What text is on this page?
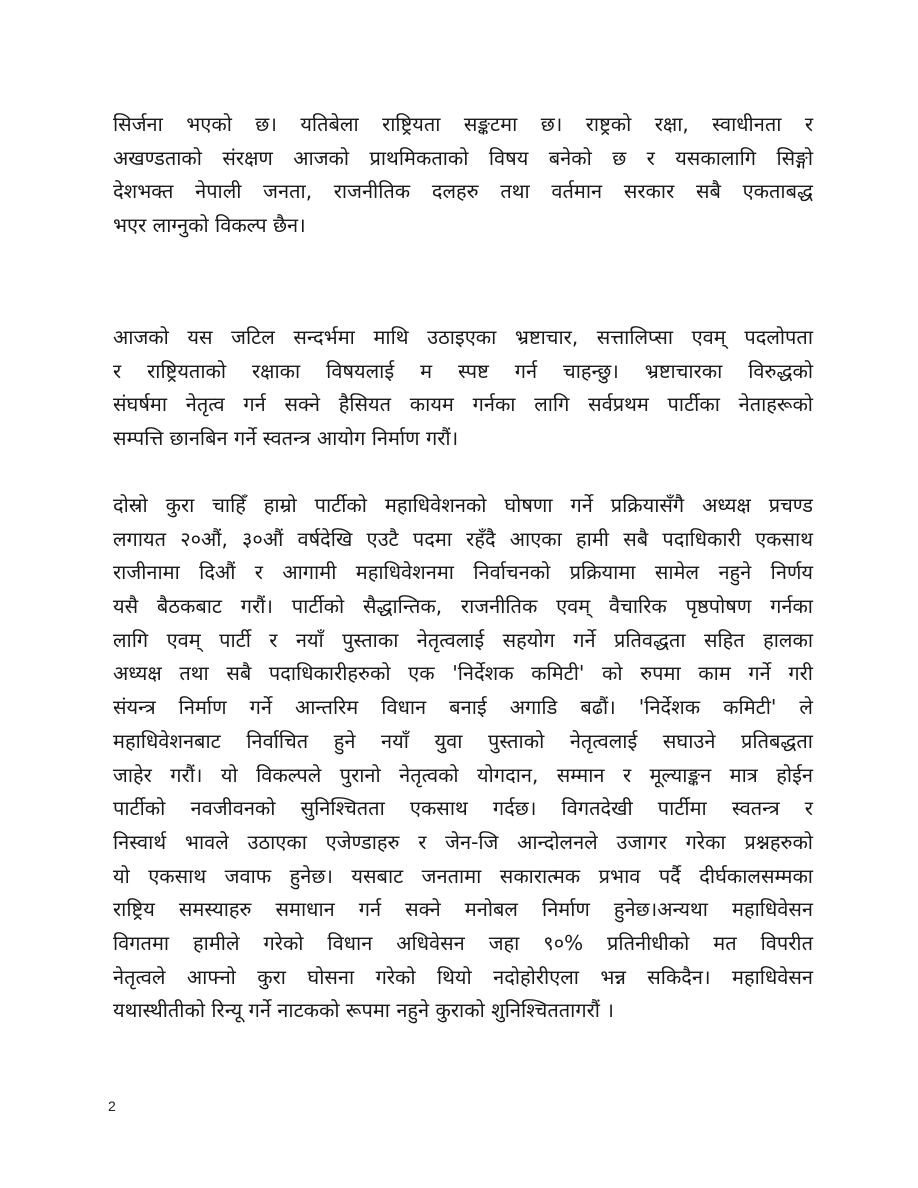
सिर्जना भएको छ। यतिबेला राष्ट्रियता सङ्कटमा छ। राष्ट्रको रक्षा, स्वाधीनता र
अखण्डताको संरक्षण आजको प्राथमिकताको विषय बनेको छ र यसकालागि सिङ्गो
देशभक्त नेपाली जनता, राजनीतिक दलहरु तथा वर्तमान सरकार सबै एकताबद्ध
भएर लाग्नुको विकल्प छैन।
आजको यस जटिल सन्दर्भमा माथि उठाइएका भ्रष्टाचार, सत्तालिप्सा एवम् पदलोपता
र राष्ट्रियताको रक्षाका विषयलाई म स्पष्ट गर्न चाहन्छु। भ्रष्टाचारका विरुद्धको
संघर्षमा नेतृत्व गर्न सक्ने हैसियत कायम गर्नका लागि सर्वप्रथम पार्टीका नेताहरूको
सम्पत्ति छानबिन गर्ने स्वतन्त्र आयोग निर्माण गरौं।
दोस्रो कुरा चाहिँ हाम्रो पार्टीको महाधिवेशनको घोषणा गर्ने प्रक्रियासँगै अध्यक्ष प्रचण्ड
लगायत २०औं, ३०औं वर्षदेखि एउटै पदमा रहँदै आएका हामी सबै पदाधिकारी एकसाथ
राजीनामा दिऔं र आगामी महाधिवेशनमा निर्वाचनको प्रक्रियामा सामेल नहुने निर्णय
यसै बैठकबाट गरौं। पार्टीको सैद्धान्तिक, राजनीतिक एवम् वैचारिक पृष्ठपोषण गर्नका
लागि एवम् पार्टी र नयाँ पुस्ताका नेतृत्वलाई सहयोग गर्ने प्रतिवद्धता सहित हालका
अध्यक्ष तथा सबै पदाधिकारीहरुको एक 'निर्देशक कमिटी' को रुपमा काम गर्ने गरी
संयन्त्र निर्माण गर्ने आन्तरिम विधान बनाई अगाडि बढौं। 'निर्देशक कमिटी' ले
महाधिवेशनबाट निर्वाचित हुने नयाँ युवा पुस्ताको नेतृत्वलाई सघाउने प्रतिबद्धता
जाहेर गरौं। यो विकल्पले पुरानो नेतृत्वको योगदान, सम्मान र मूल्याङ्कन मात्र होईन
पार्टीको नवजीवनको सुनिश्चितता एकसाथ गर्दछ। विगतदेखी पार्टीमा स्वतन्त्र र
निस्वार्थ भावले उठाएका एजेण्डाहरु र जेन-जि आन्दोलनले उजागर गरेका प्रश्नहरुको
यो एकसाथ जवाफ हुनेछ। यसबाट जनतामा सकारात्मक प्रभाव पर्दै दीर्घकालसम्मका
राष्ट्रिय समस्याहरु समाधान गर्न सक्ने मनोबल निर्माण हुनेछ।अन्यथा महाधिवेसन
विगतमा हामीले गरेको विधान अधिवेसन जहा ९०% प्रतिनीधीको मत विपरीत
नेतृत्वले आफ्नो कुरा घोसना गरेको थियो नदोहोरीएला भन्न सकिदैन। महाधिवेसन
यथास्थीतीको रिन्यू गर्ने नाटकको रूपमा नहुने कुराको शुनिश्चितताग‌रौं ।
2
